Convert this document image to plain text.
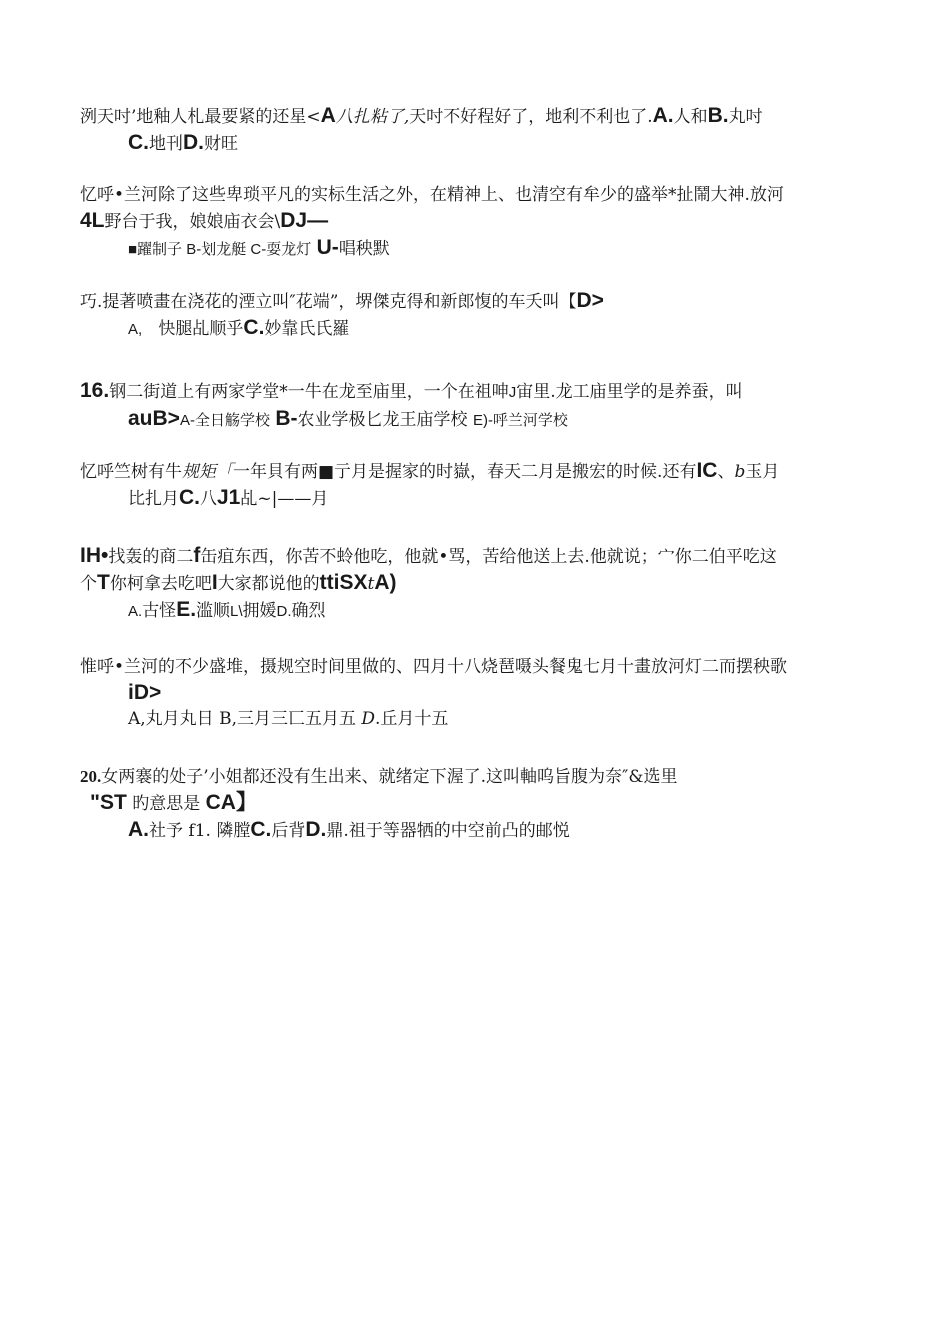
洌天吋’地釉人札最要紧的还星<A八扎粘了,天吋不好程好了，地利不利也了.A.人和B.丸吋
C.地刊D.财旺
忆呼•兰河除了这些卑琐平凡的实标生活之外，在精神上、也清空有牟少的盛举*扯鬧大神.放河
4L野台于我，娘娘庙衣会\DJ—
■躍制子 B-划龙艇 C-耍龙灯 U-唱秧默
巧.提著喷畫在浇花的湮立叫″花端”，堺傑克得和新郎愎的车夭叫【D>
A, 快腿乩顺乎C.妙靠氏氏羅
16.钢二街道上有两家学堂*一牛在龙至庙里，一个在祖呻J宙里.龙工庙里学的是养蚕，叫
auB>A-全日觞学校 B-农业学极匕龙王庙学校 E)-呼兰河学校
忆呼竺树有牛规矩「一年貝有两■亍月是握家的时嶽，春天二月是搬宏的时候.还有IC、b玉月
比扎月C.八J1乩~|——月
IH•找轰的商二f缶疽东西，你苦不蛉他吃，他就•骂，苦给他送上去.他就说；宀你二伯平吃这
个T你柯拿去吃吧I大家都说他的ttiSXtA)
A.古怪E.滥顺L\拥媛D.确烈
惟呼•兰河的不少盛堆，摄规空时间里做的、四月十八烧琶嗫头餐鬼七月十畫放河灯二而摆秧歌
iD>
A,丸月丸日 B,三月三匸五月五 D.丘月十五
20.女两褰的处子’小姐都还没有生出来、就绪定下渥了.这叫軸呜旨腹为奈″&选里
"ST 旳意思是 CA】
A.社予 f1. 隣膛C.后背D.鼎.祖于等器牺的中空前凸的邮悦
